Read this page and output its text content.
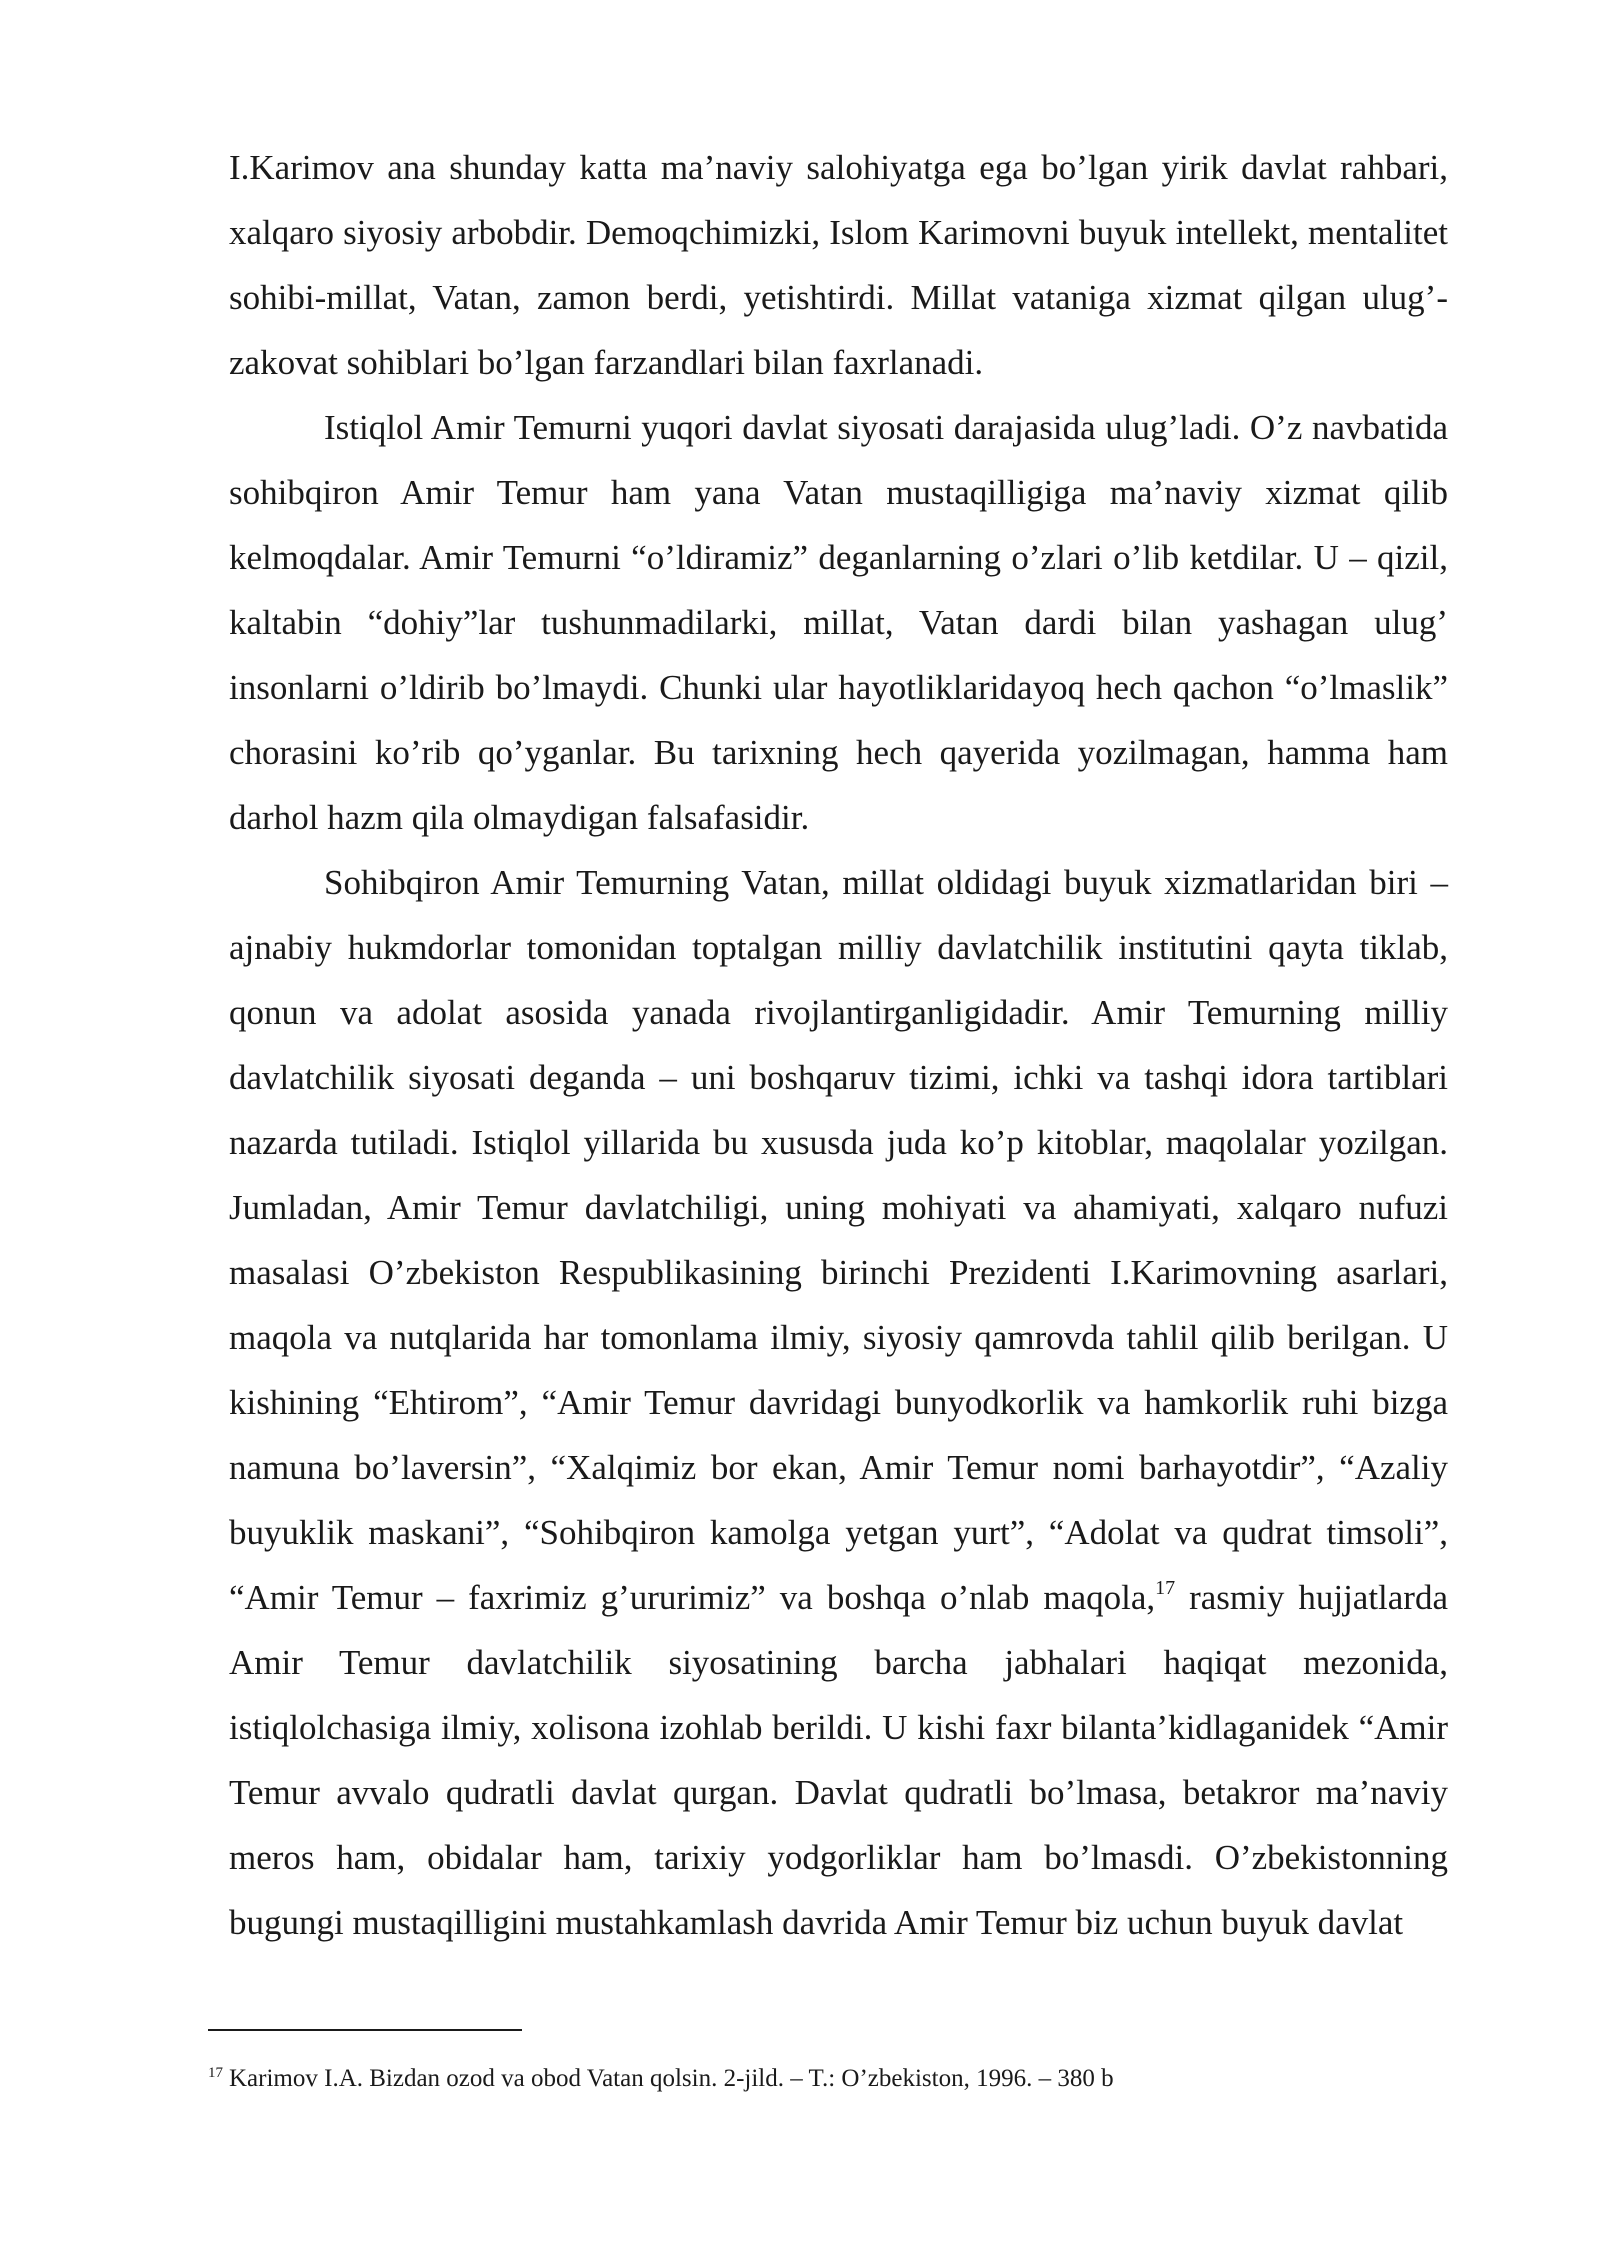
I.Karimov ana shunday katta ma’naviy salohiyatga ega bo’lgan yirik davlat rahbari, xalqaro siyosiy arbobdir. Demoqchimizki, Islom Karimovni buyuk intellekt, mentalitet sohibi-millat, Vatan, zamon berdi, yetishtirdi. Millat vataniga xizmat qilgan ulug’-zakovat sohiblari bo’lgan farzandlari bilan faxrlanadi.

Istiqlol Amir Temurni yuqori davlat siyosati darajasida ulug’ladi. O’z navbatida sohibqiron Amir Temur ham yana Vatan mustaqilligiga ma’naviy xizmat qilib kelmoqdalar. Amir Temurni “o’ldiramiz” deganlarning o’zlari o’lib ketdilar. U – qizil, kaltabin “dohiy”lar tushunmadilarki, millat, Vatan dardi bilan yashagan ulug’ insonlarni o’ldirib bo’lmaydi. Chunki ular hayotliklaridayoq hech qachon “o’lmaslik” chorasini ko’rib qo’yganlar. Bu tarixning hech qayerida yozilmagan, hamma ham darhol hazm qila olmaydigan falsafasidir.

Sohibqiron Amir Temurning Vatan, millat oldidagi buyuk xizmatlaridan biri – ajnabiy hukmdorlar tomonidan toptalgan milliy davlatchilik institutini qayta tiklab, qonun va adolat asosida yanada rivojlantirganligidadir. Amir Temurning milliy davlatchilik siyosati deganda – uni boshqaruv tizimi, ichki va tashqi idora tartiblari nazarda tutiladi. Istiqlol yillarida bu xususda juda ko’p kitoblar, maqolalar yozilgan. Jumladan, Amir Temur davlatchiligi, uning mohiyati va ahamiyati, xalqaro nufuzi masalasi O’zbekiston Respublikasining birinchi Prezidenti I.Karimovning asarlari, maqola va nutqlarida har tomonlama ilmiy, siyosiy qamrovda tahlil qilib berilgan. U kishining “Ehtirom”, “Amir Temur davridagi bunyodkorlik va hamkorlik ruhi bizga namuna bo’laversin”, “Xalqimiz bor ekan, Amir Temur nomi barhayotdir”, “Azaliy buyuklik maskani”, “Sohibqiron kamolga yetgan yurt”, “Adolat va qudrat timsoli”, “Amir Temur – faxrimiz g’ururimiz” va boshqa o’nlab maqola,$^{17}$ rasmiy hujjatlarda Amir Temur davlatchilik siyosatining barcha jabhalari haqiqat mezonida, istiqlolchasiga ilmiy, xolisona izohlab berildi. U kishi faxr bilanta’kidlaganidek “Amir Temur avvalo qudratli davlat qurgan. Davlat qudratli bo’lmasa, betakror ma’naviy meros ham, obidalar ham, tarixiy yodgorliklar ham bo’lmasdi. O’zbekistonning bugungi mustaqilligini mustahkamlash davrida Amir Temur biz uchun buyuk davlat

$^{17}$ Karimov I.A. Bizdan ozod va obod Vatan qolsin. 2-jild. – T.: O’zbekiston, 1996. – 380 b
